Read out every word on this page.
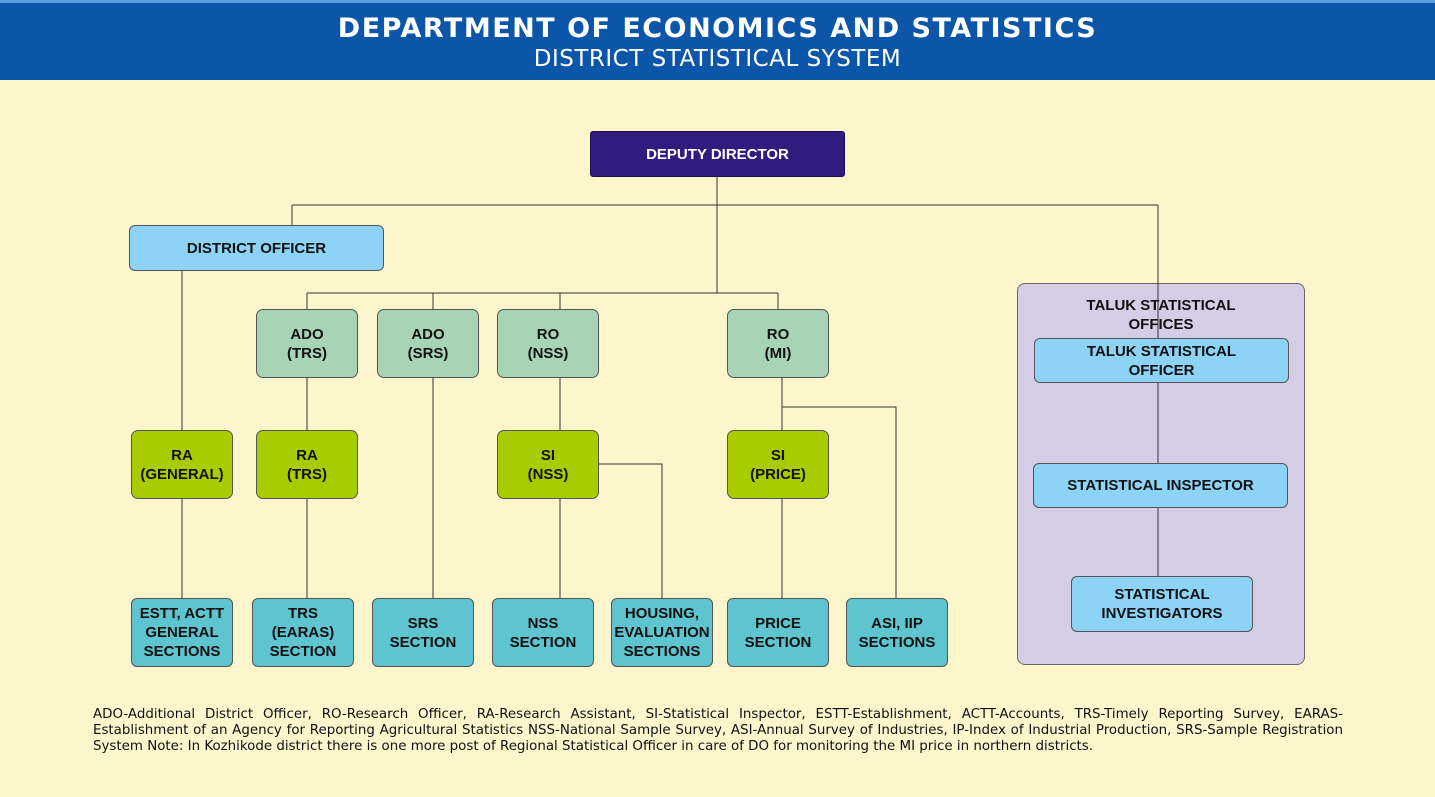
DEPARTMENT OF ECONOMICS AND STATISTICS
DISTRICT STATISTICAL SYSTEM
TALUK STATISTICAL
OFFICES
DEPUTY DIRECTOR
DISTRICT OFFICER
ADO
(TRS)
ADO
(SRS)
RO
(NSS)
RO
(MI)
RA
(GENERAL)
RA
(TRS)
SI
(NSS)
SI
(PRICE)
ESTT, ACTT
GENERAL
SECTIONS
TRS
(EARAS)
SECTION
SRS
SECTION
NSS
SECTION
HOUSING,
EVALUATION
SECTIONS
PRICE
SECTION
ASI, IIP
SECTIONS
TALUK STATISTICAL
OFFICER
STATISTICAL INSPECTOR
STATISTICAL
INVESTIGATORS
ADO-Additional District Officer, RO-Research Officer, RA-Research Assistant, SI-Statistical Inspector, ESTT-Establishment, ACTT-Accounts, TRS-Timely Reporting Survey, EARAS-Establishment of an Agency for Reporting Agricultural Statistics NSS-National Sample Survey, ASI-Annual Survey of Industries, IP-Index of Industrial Production, SRS-Sample Registration System Note: In Kozhikode district there is one more post of Regional Statistical Officer in care of DO for monitoring the MI price in northern districts.
